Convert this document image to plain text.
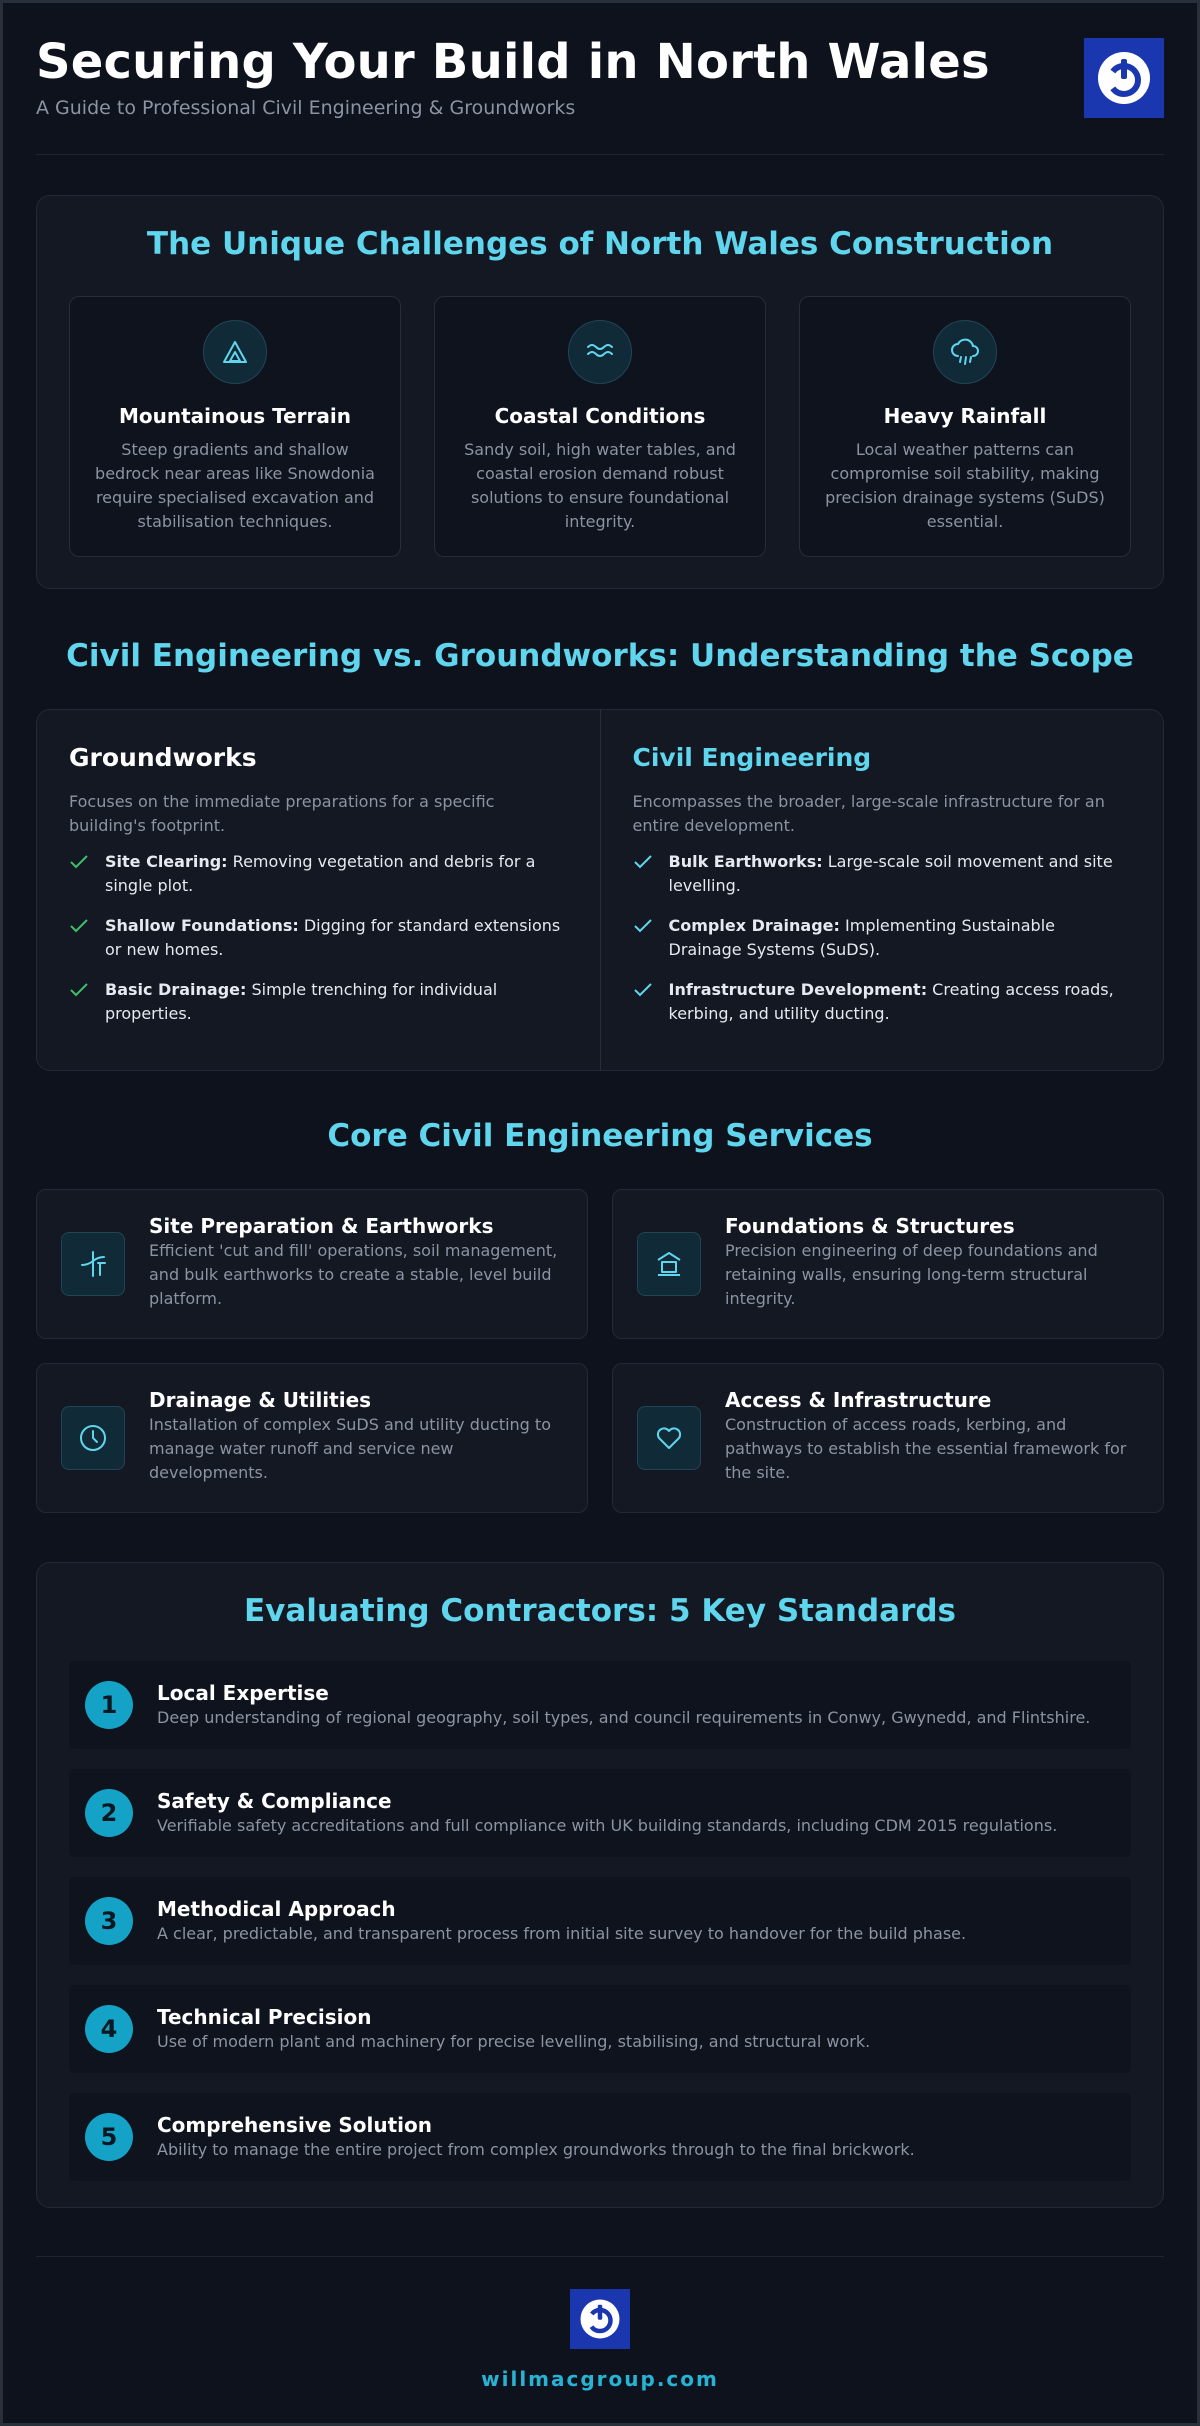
Securing Your Build in North Wales
A Guide to Professional Civil Engineering & Groundworks
The Unique Challenges of North Wales Construction
Mountainous Terrain

Steep gradients and shallow bedrock near areas like Snowdonia require specialised excavation and stabilisation techniques.

Coastal Conditions

Sandy soil, high water tables, and coastal erosion demand robust solutions to ensure foundational integrity.

Heavy Rainfall

Local weather patterns can compromise soil stability, making precision drainage systems (SuDS) essential.

Civil Engineering vs. Groundworks: Understanding the Scope
Groundworks

Focuses on the immediate preparations for a specific building's footprint.

Site Clearing: Removing vegetation and debris for a single plot.
Shallow Foundations: Digging for standard extensions or new homes.
Basic Drainage: Simple trenching for individual properties.
Civil Engineering

Encompasses the broader, large-scale infrastructure for an entire development.

Bulk Earthworks: Large-scale soil movement and site levelling.
Complex Drainage: Implementing Sustainable Drainage Systems (SuDS).
Infrastructure Development: Creating access roads, kerbing, and utility ducting.
Core Civil Engineering Services
Site Preparation & Earthworks

Efficient 'cut and fill' operations, soil management, and bulk earthworks to create a stable, level build platform.

Foundations & Structures

Precision engineering of deep foundations and retaining walls, ensuring long-term structural integrity.

Drainage & Utilities

Installation of complex SuDS and utility ducting to manage water runoff and service new developments.

Access & Infrastructure

Construction of access roads, kerbing, and pathways to establish the essential framework for the site.

Evaluating Contractors: 5 Key Standards
1	Local Expertise

Deep understanding of regional geography, soil types, and council requirements in Conwy, Gwynedd, and Flintshire.

2	Safety & Compliance

Verifiable safety accreditations and full compliance with UK building standards, including CDM 2015 regulations.

3	Methodical Approach

A clear, predictable, and transparent process from initial site survey to handover for the build phase.

4	Technical Precision

Use of modern plant and machinery for precise levelling, stabilising, and structural work.

5	Comprehensive Solution

Ability to manage the entire project from complex groundworks through to the final brickwork.

willmacgroup.com
